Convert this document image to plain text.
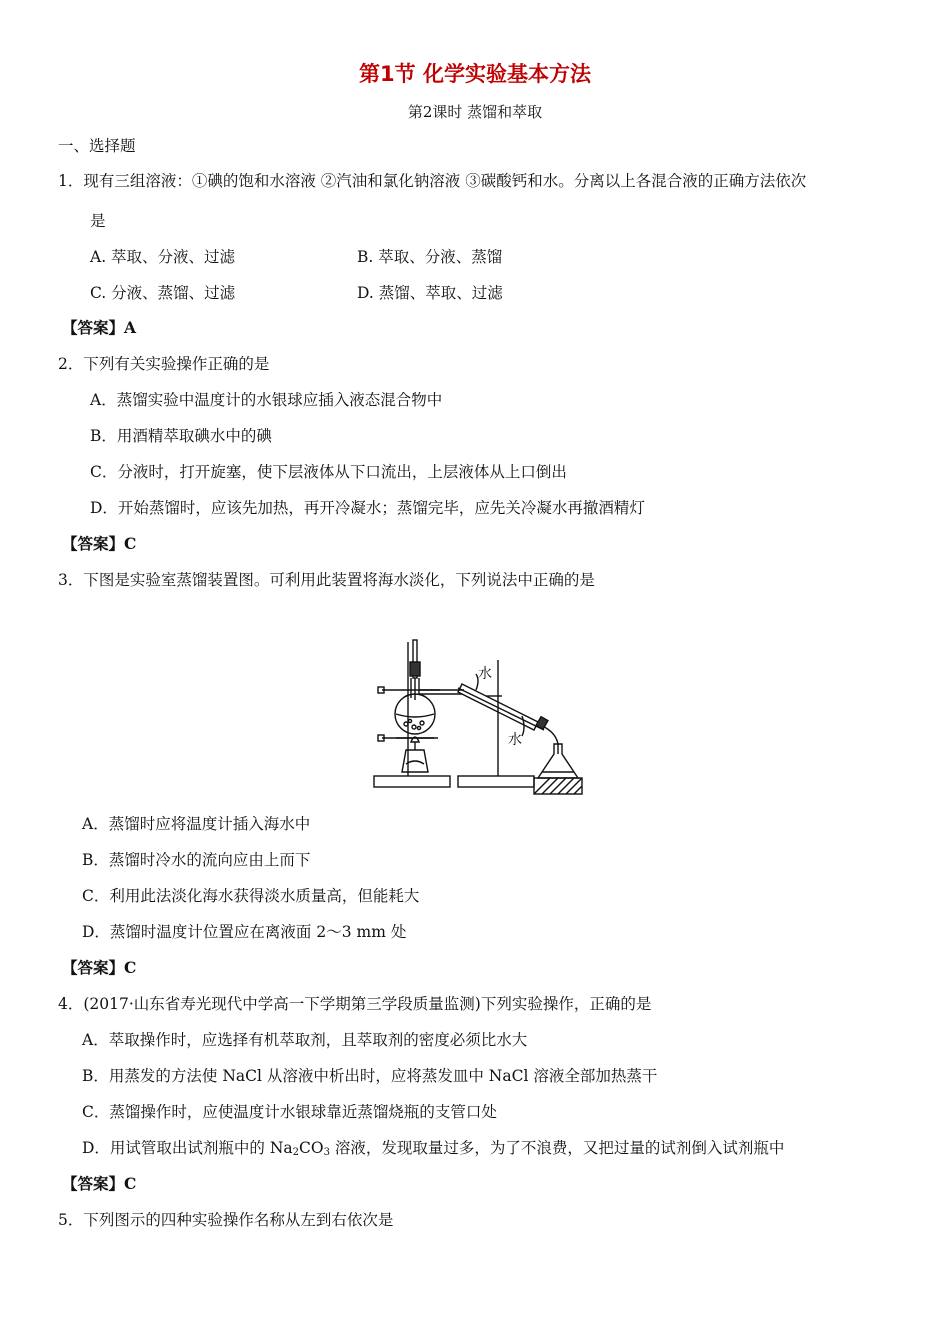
第1节 化学实验基本方法
第2课时 蒸馏和萃取
一、选择题
1．现有三组溶液：①碘的饱和水溶液 ②汽油和氯化钠溶液 ③碳酸钙和水。分离以上各混合液的正确方法依次
是
A. 萃取、分液、过滤	B. 萃取、分液、蒸馏
C. 分液、蒸馏、过滤	D. 蒸馏、萃取、过滤
【答案】A
2．下列有关实验操作正确的是
A．蒸馏实验中温度计的水银球应插入液态混合物中
B．用酒精萃取碘水中的碘
C．分液时，打开旋塞，使下层液体从下口流出，上层液体从上口倒出
D．开始蒸馏时，应该先加热，再开冷凝水；蒸馏完毕，应先关冷凝水再撤酒精灯
【答案】C
3．下图是实验室蒸馏装置图。可利用此装置将海水淡化，下列说法中正确的是
水
水
A．蒸馏时应将温度计插入海水中
B．蒸馏时冷水的流向应由上而下
C．利用此法淡化海水获得淡水质量高，但能耗大
D．蒸馏时温度计位置应在离液面 2～3 mm 处
【答案】C
4．(2017·山东省寿光现代中学高一下学期第三学段质量监测)下列实验操作，正确的是
A．萃取操作时，应选择有机萃取剂，且萃取剂的密度必须比水大
B．用蒸发的方法使 NaCl 从溶液中析出时，应将蒸发皿中 NaCl 溶液全部加热蒸干
C．蒸馏操作时，应使温度计水银球靠近蒸馏烧瓶的支管口处
D．用试管取出试剂瓶中的 $Na_2CO_3$ 溶液，发现取量过多，为了不浪费，又把过量的试剂倒入试剂瓶中
【答案】C
5．下列图示的四种实验操作名称从左到右依次是
